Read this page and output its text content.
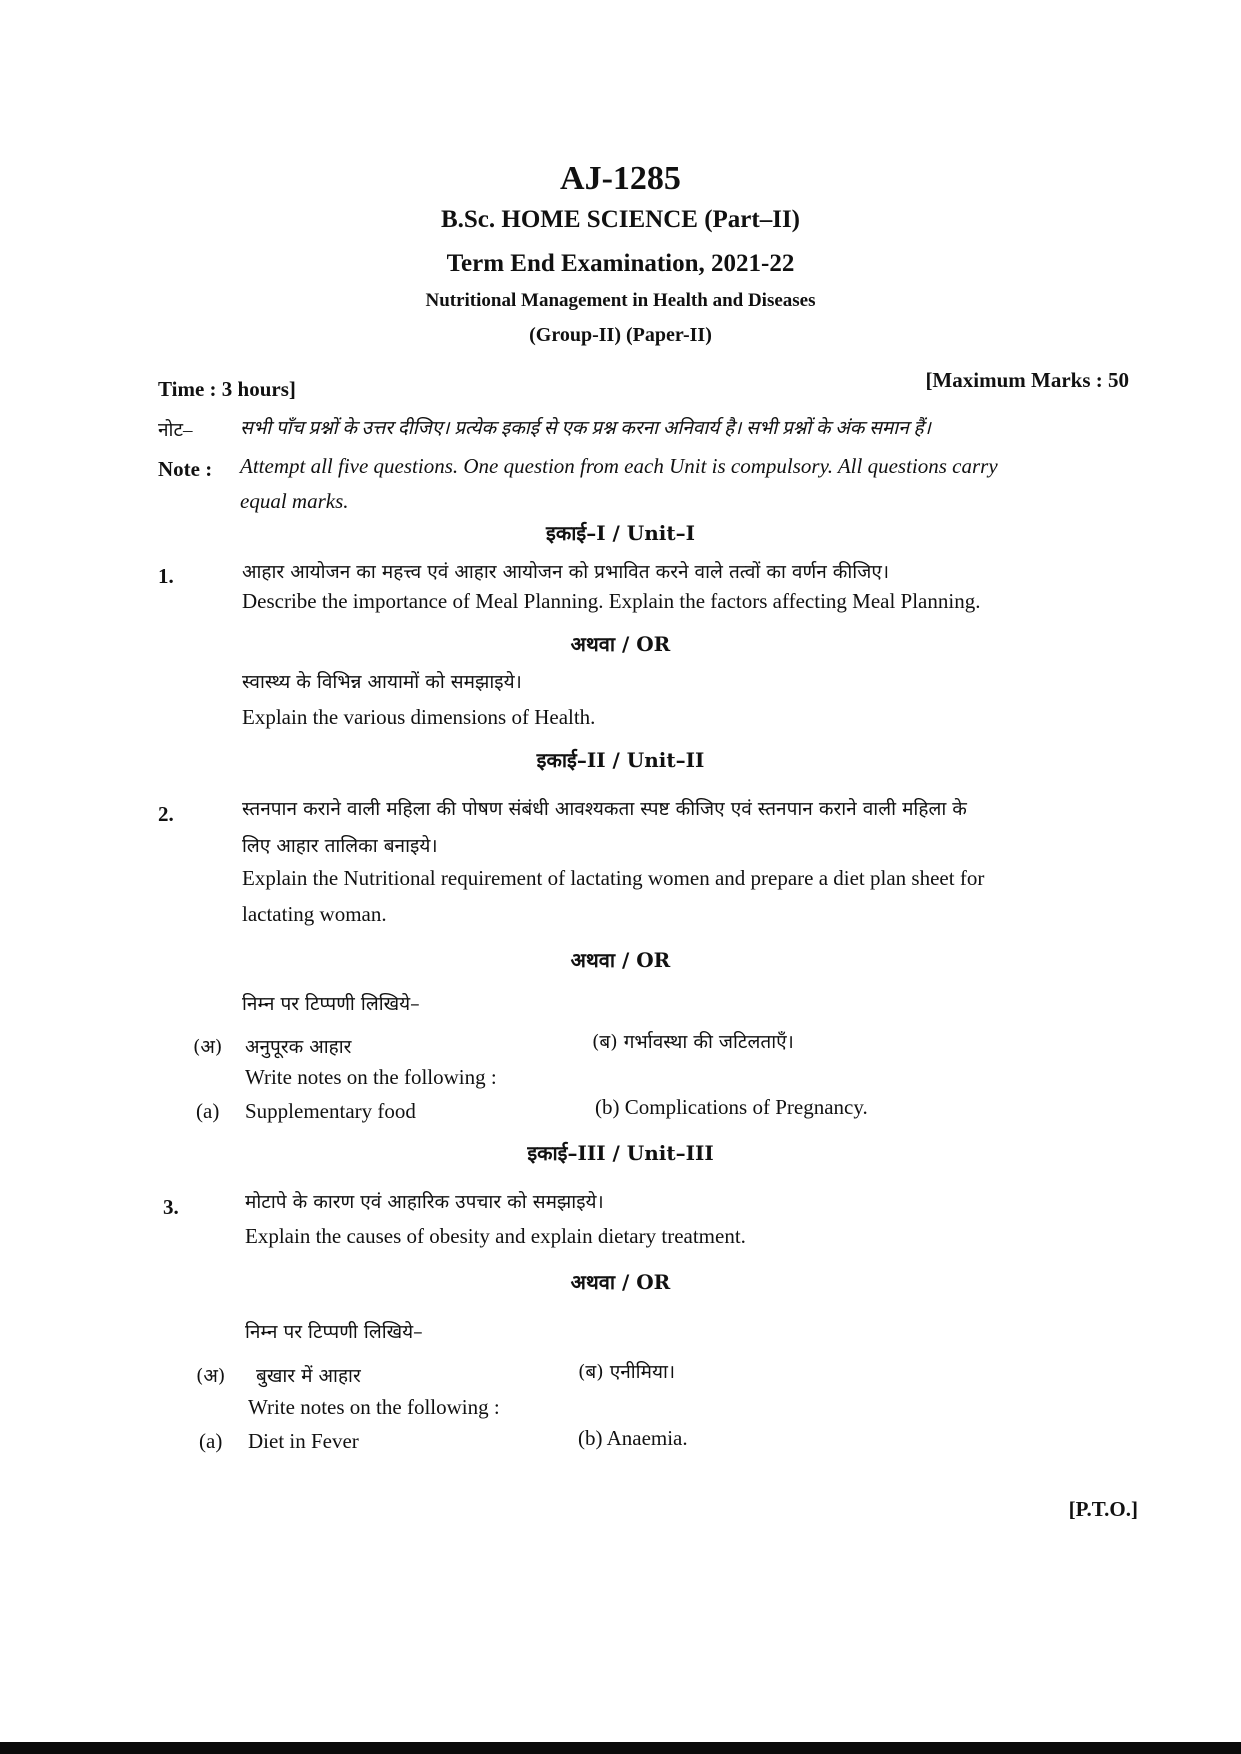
AJ-1285
B.Sc. HOME SCIENCE (Part–II)
Term End Examination, 2021-22
Nutritional Management in Health and Diseases
(Group-II) (Paper-II)
Time : 3 hours]	[Maximum Marks : 50
नोट– सभी पाँच प्रश्नों के उत्तर दीजिए। प्रत्येक इकाई से एक प्रश्न करना अनिवार्य है। सभी प्रश्नों के अंक समान हैं।
Note : Attempt all five questions. One question from each Unit is compulsory. All questions carry
equal marks.
इकाई–I / Unit–I
1.	आहार आयोजन का महत्त्व एवं आहार आयोजन को प्रभावित करने वाले तत्वों का वर्णन कीजिए।
Describe the importance of Meal Planning. Explain the factors affecting Meal Planning.
अथवा / OR
स्वास्थ्य के विभिन्न आयामों को समझाइये।
Explain the various dimensions of Health.
इकाई–II / Unit–II
2.	स्तनपान कराने वाली महिला की पोषण संबंधी आवश्यकता स्पष्ट कीजिए एवं स्तनपान कराने वाली महिला के
लिए आहार तालिका बनाइये।
Explain the Nutritional requirement of lactating women and prepare a diet plan sheet for
lactating woman.
अथवा / OR
निम्न पर टिप्पणी लिखिये–
(अ) अनुपूरक आहार	(ब) गर्भावस्था की जटिलताएँ।
Write notes on the following :
(a) Supplementary food	(b) Complications of Pregnancy.
इकाई–III / Unit–III
3.	मोटापे के कारण एवं आहारिक उपचार को समझाइये।
Explain the causes of obesity and explain dietary treatment.
अथवा / OR
निम्न पर टिप्पणी लिखिये–
(अ) बुखार में आहार	(ब) एनीमिया।
Write notes on the following :
(a) Diet in Fever	(b) Anaemia.
[P.T.O.]
